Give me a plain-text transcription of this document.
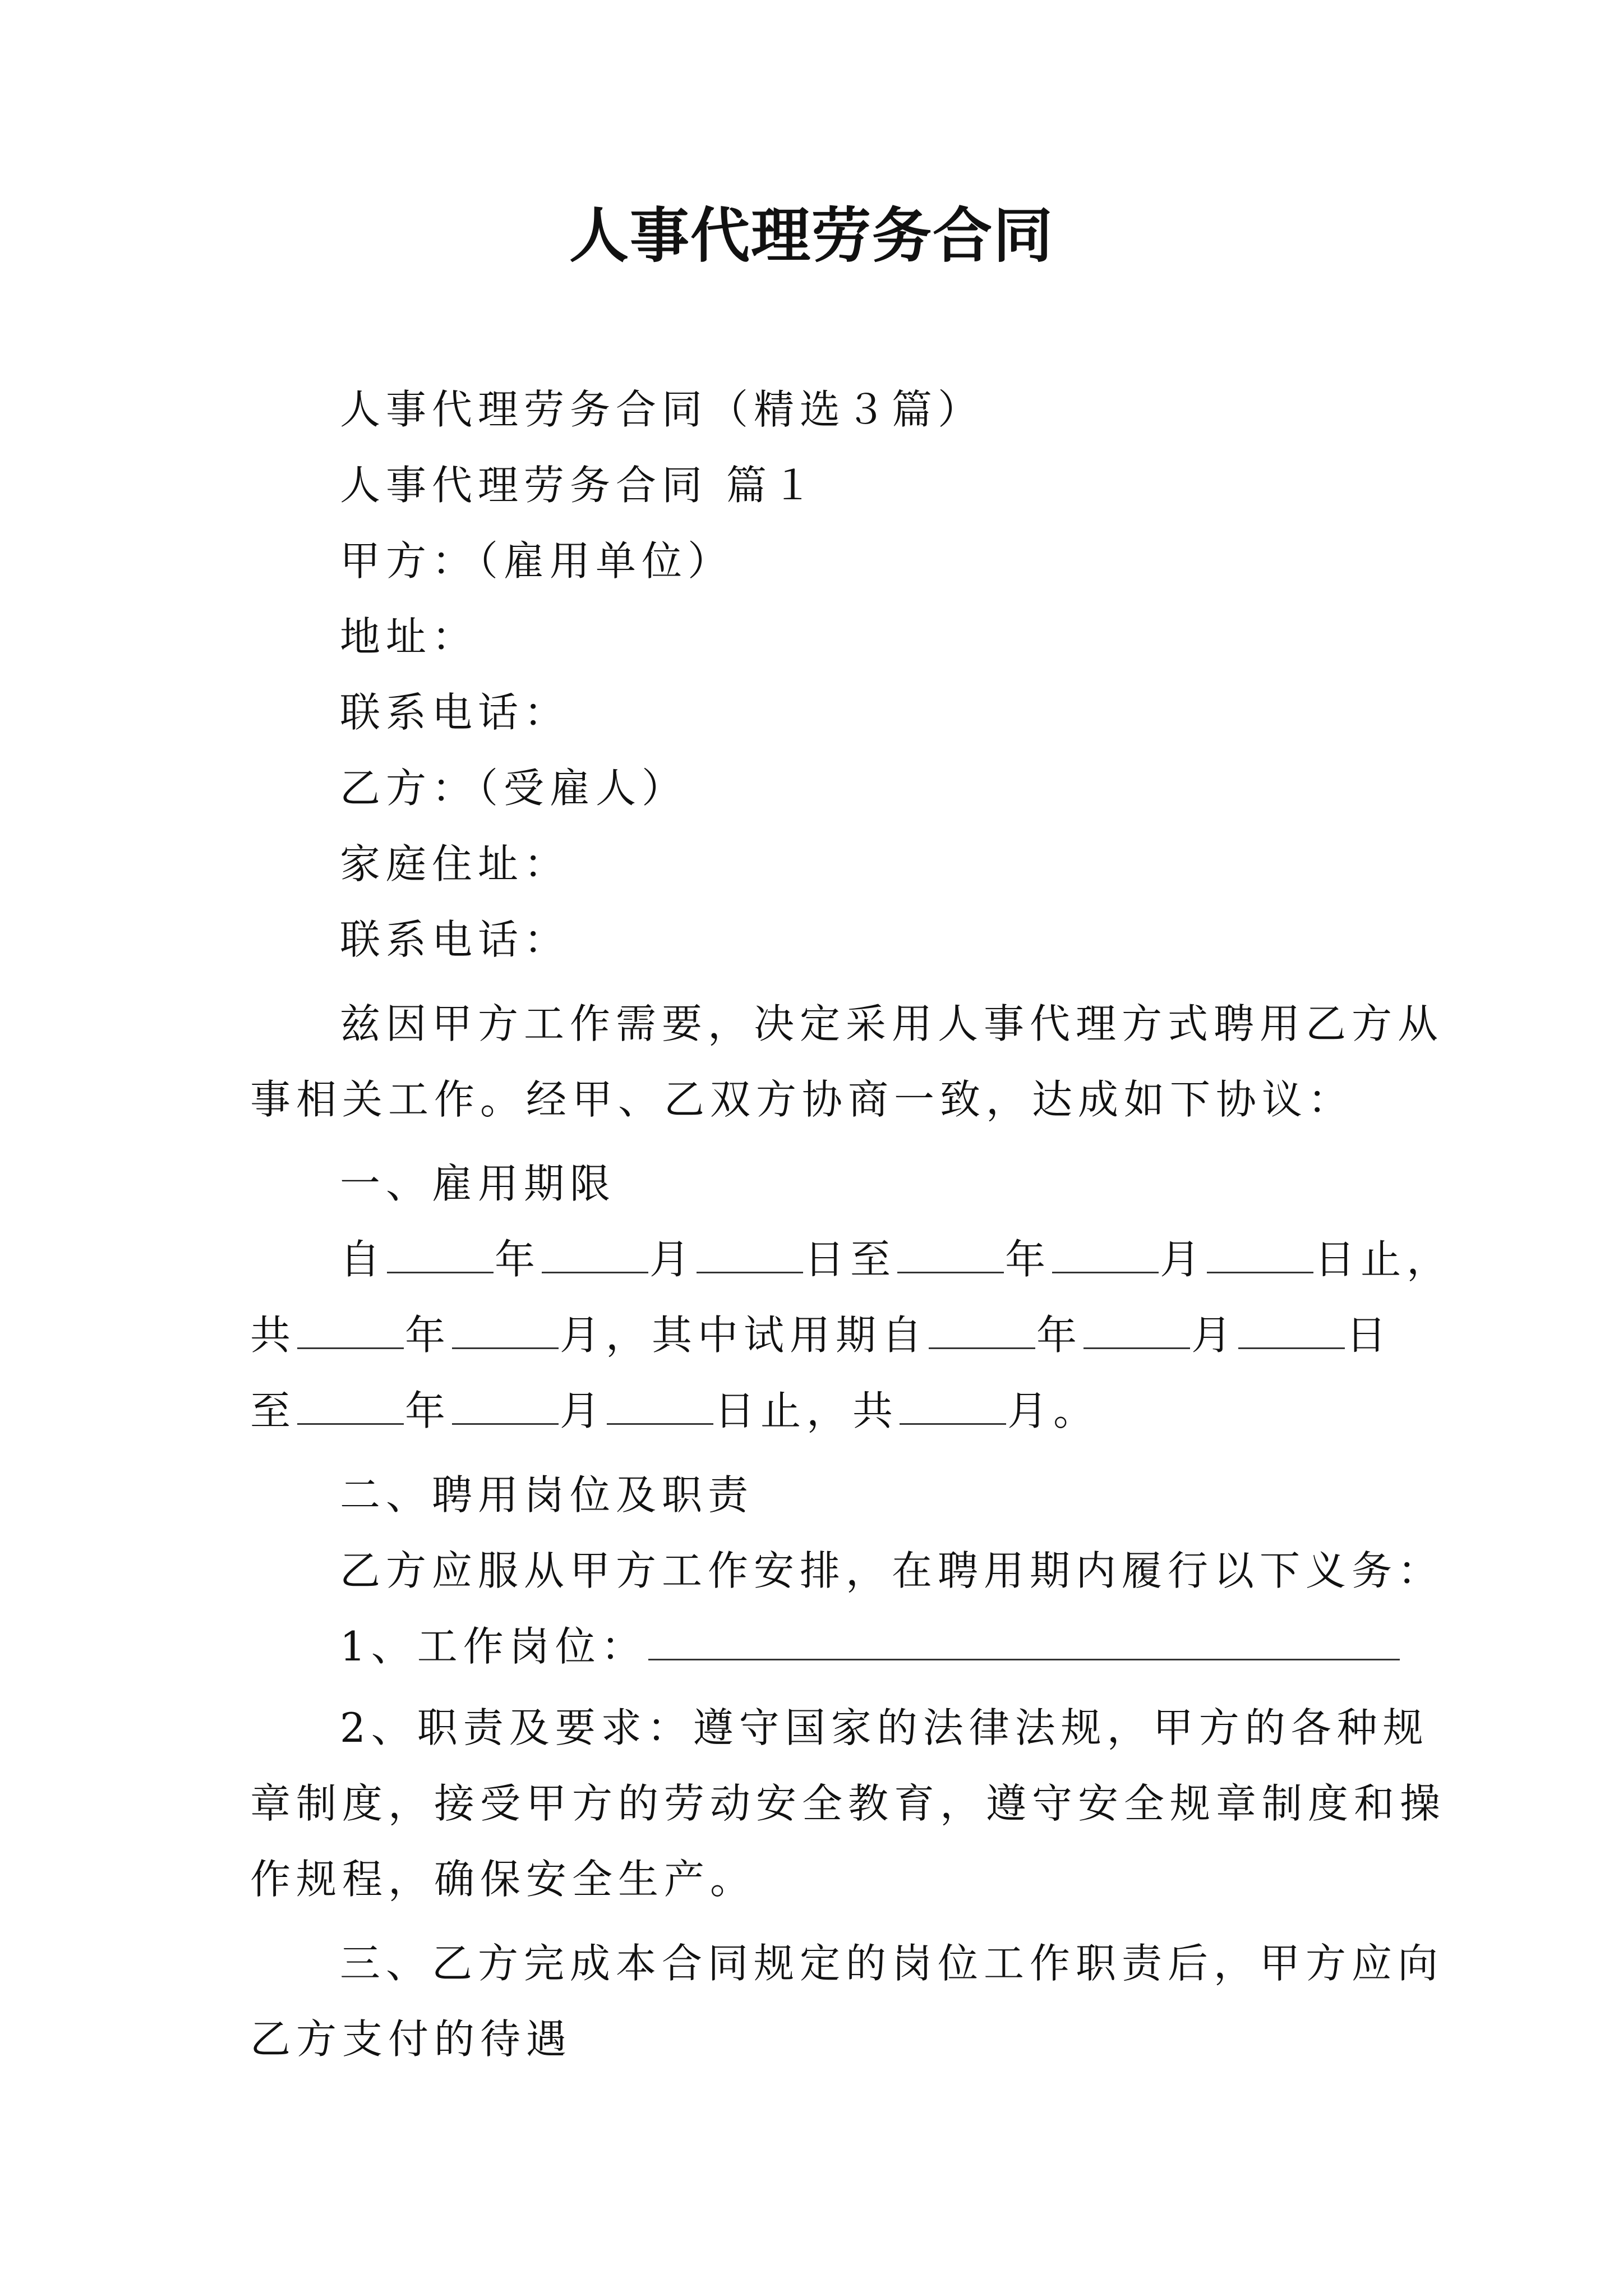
人事代理劳务合同

人事代理劳务合同（精选３篇）

人事代理劳务合同 篇１

甲方：（雇用单位）

地址：

联系电话：

乙方：（受雇人）

家庭住址：

联系电话：

兹因甲方工作需要，决定采用人事代理方式聘用乙方从

事相关工作。经甲、乙双方协商一致，达成如下协议：

一、雇用期限

自	年	月	日至	年	月	日止，

共	年	月，其中试用期自	年	月	日

至	年	月	日止，共	月。

二、聘用岗位及职责

乙方应服从甲方工作安排，在聘用期内履行以下义务：

1、工作岗位：

2、职责及要求：遵守国家的法律法规，甲方的各种规

章制度，接受甲方的劳动安全教育，遵守安全规章制度和操

作规程，确保安全生产。

三、乙方完成本合同规定的岗位工作职责后，甲方应向

乙方支付的待遇
